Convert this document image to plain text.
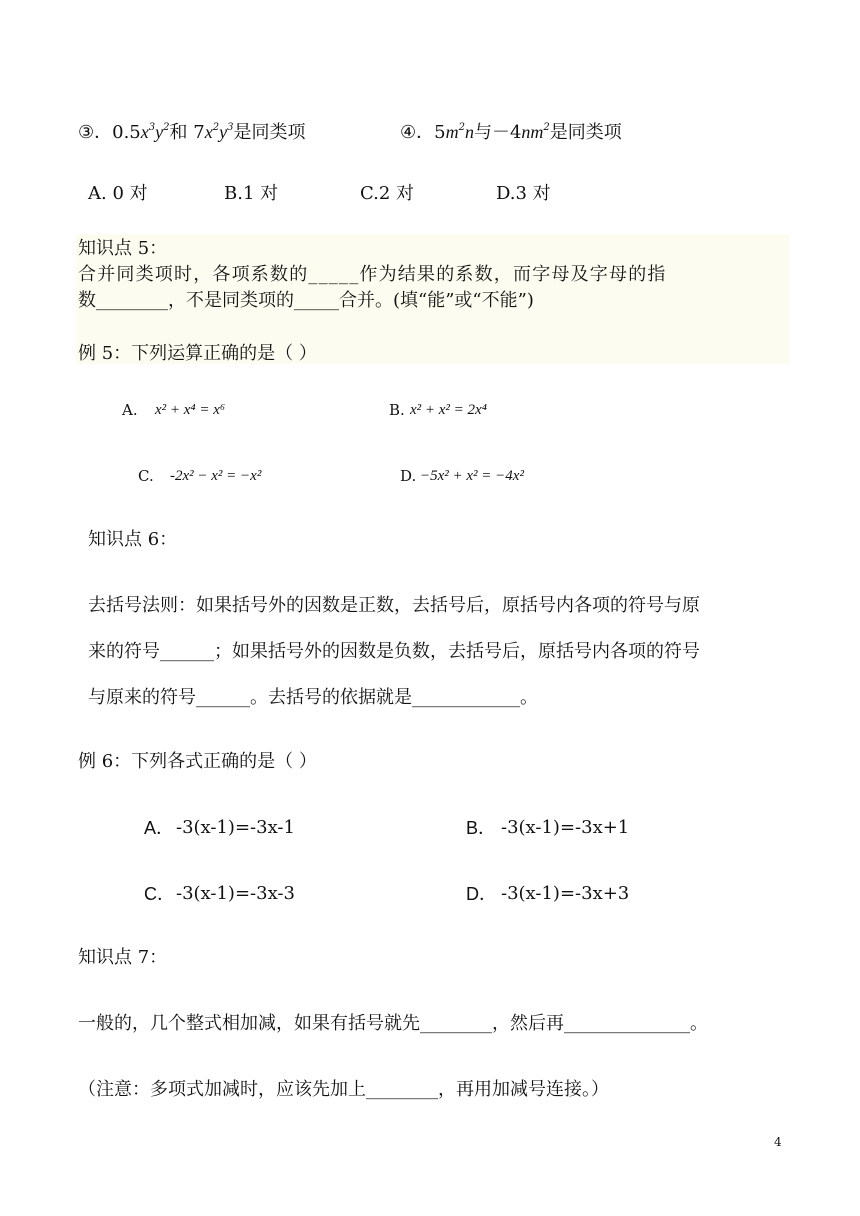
③．$0.5x^3y^2$和 $7x^2y^3$是同类项	④．$5m^2n$与$-4nm^2$是同类项
A. 0 对	B.1 对	C.2 对	D.3 对
知识点 5：
合并同类项时，各项系数的_____作为结果的系数，而字母及字母的指
数________，不是同类项的_____合并。(填“能”或“不能”)
例 5：下列运算正确的是（ ）
A. x² + x⁴ = x⁶	B. x² + x² = 2x⁴
C. -2x² − x² = −x²	D. −5x² + x² = −4x²
知识点 6：
去括号法则：如果括号外的因数是正数，去括号后，原括号内各项的符号与原
来的符号______；如果括号外的因数是负数，去括号后，原括号内各项的符号
与原来的符号______。去括号的依据就是____________。
例 6：下列各式正确的是（ ）
A． -3(x-1)=-3x-1	B． -3(x-1)=-3x+1
C． -3(x-1)=-3x-3	D． -3(x-1)=-3x+3
知识点 7：
一般的，几个整式相加减，如果有括号就先________，然后再______________。
（注意：多项式加减时，应该先加上________，再用加减号连接。）
4
